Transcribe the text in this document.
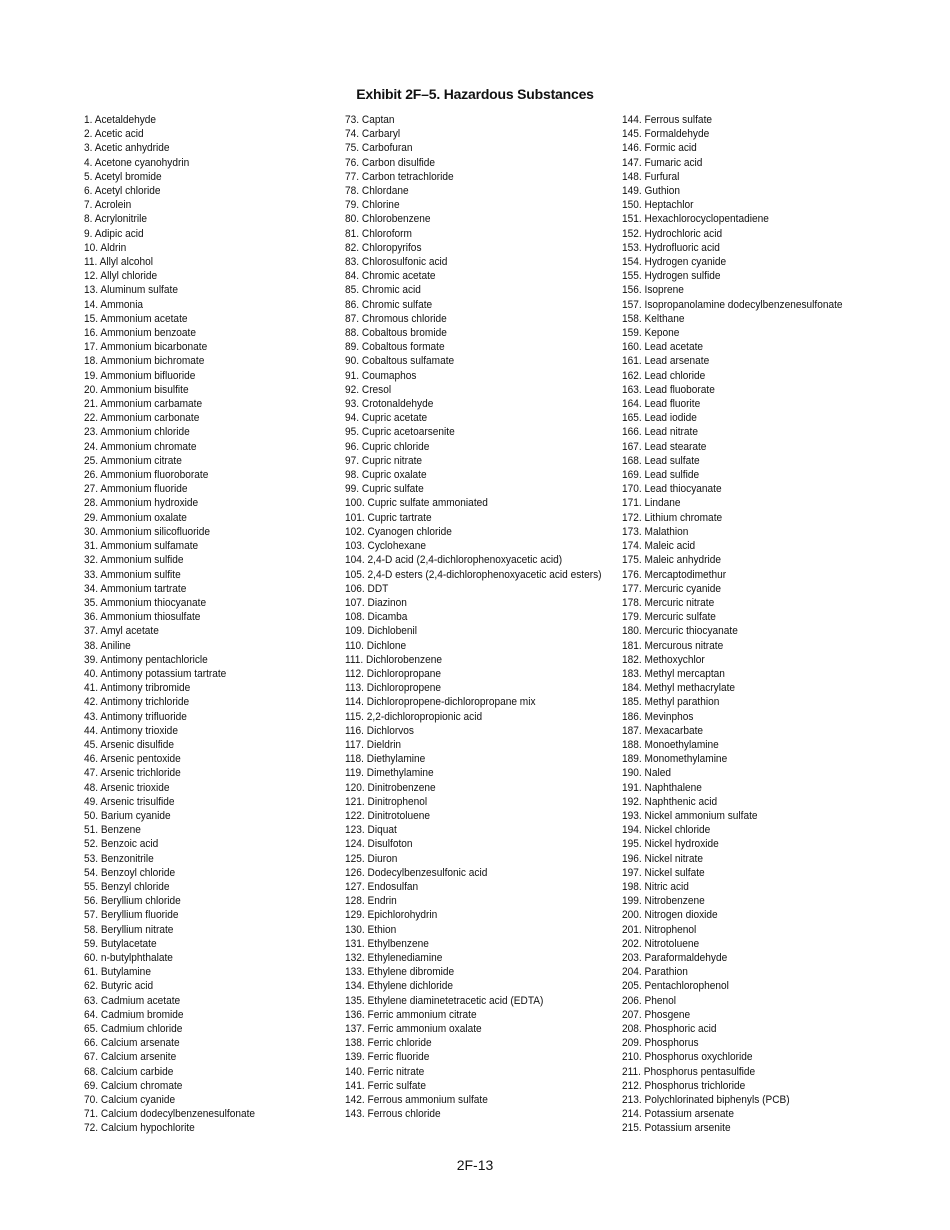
Exhibit 2F–5. Hazardous Substances
1. Acetaldehyde
2. Acetic acid
3. Acetic anhydride
4. Acetone cyanohydrin
5. Acetyl bromide
6. Acetyl chloride
7. Acrolein
8. Acrylonitrile
9. Adipic acid
10. Aldrin
11. Allyl alcohol
12. Allyl chloride
13. Aluminum sulfate
14. Ammonia
15. Ammonium acetate
16. Ammonium benzoate
17. Ammonium bicarbonate
18. Ammonium bichromate
19. Ammonium bifluoride
20. Ammonium bisulfite
21. Ammonium carbamate
22. Ammonium carbonate
23. Ammonium chloride
24. Ammonium chromate
25. Ammonium citrate
26. Ammonium fluoroborate
27. Ammonium fluoride
28. Ammonium hydroxide
29. Ammonium oxalate
30. Ammonium silicofluoride
31. Ammonium sulfamate
32. Ammonium sulfide
33. Ammonium sulfite
34. Ammonium tartrate
35. Ammonium thiocyanate
36. Ammonium thiosulfate
37. Amyl acetate
38. Aniline
39. Antimony pentachloricle
40. Antimony potassium tartrate
41. Antimony tribromide
42. Antimony trichloride
43. Antimony trifluoride
44. Antimony trioxide
45. Arsenic disulfide
46. Arsenic pentoxide
47. Arsenic trichloride
48. Arsenic trioxide
49. Arsenic trisulfide
50. Barium cyanide
51. Benzene
52. Benzoic acid
53. Benzonitrile
54. Benzoyl chloride
55. Benzyl chloride
56. Beryllium chloride
57. Beryllium fluoride
58. Beryllium nitrate
59. Butylacetate
60. n-butylphthalate
61. Butylamine
62. Butyric acid
63. Cadmium acetate
64. Cadmium bromide
65. Cadmium chloride
66. Calcium arsenate
67. Calcium arsenite
68. Calcium carbide
69. Calcium chromate
70. Calcium cyanide
71. Calcium dodecylbenzenesulfonate
72. Calcium hypochlorite
73. Captan
74. Carbaryl
75. Carbofuran
76. Carbon disulfide
77. Carbon tetrachloride
78. Chlordane
79. Chlorine
80. Chlorobenzene
81. Chloroform
82. Chloropyrifos
83. Chlorosulfonic acid
84. Chromic acetate
85. Chromic acid
86. Chromic sulfate
87. Chromous chloride
88. Cobaltous bromide
89. Cobaltous formate
90. Cobaltous sulfamate
91. Coumaphos
92. Cresol
93. Crotonaldehyde
94. Cupric acetate
95. Cupric acetoarsenite
96. Cupric chloride
97. Cupric nitrate
98. Cupric oxalate
99. Cupric sulfate
100. Cupric sulfate ammoniated
101. Cupric tartrate
102. Cyanogen chloride
103. Cyclohexane
104. 2,4-D acid (2,4-dichlorophenoxyacetic acid)
105. 2,4-D esters (2,4-dichlorophenoxyacetic acid esters)
106. DDT
107. Diazinon
108. Dicamba
109. Dichlobenil
110. Dichlone
111. Dichlorobenzene
112. Dichloropropane
113. Dichloropropene
114. Dichloropropene-dichloropropane mix
115. 2,2-dichloropropionic acid
116. Dichlorvos
117. Dieldrin
118. Diethylamine
119. Dimethylamine
120. Dinitrobenzene
121. Dinitrophenol
122. Dinitrotoluene
123. Diquat
124. Disulfoton
125. Diuron
126. Dodecylbenzesulfonic acid
127. Endosulfan
128. Endrin
129. Epichlorohydrin
130. Ethion
131. Ethylbenzene
132. Ethylenediamine
133. Ethylene dibromide
134. Ethylene dichloride
135. Ethylene diaminetetracetic acid (EDTA)
136. Ferric ammonium citrate
137. Ferric ammonium oxalate
138. Ferric chloride
139. Ferric fluoride
140. Ferric nitrate
141. Ferric sulfate
142. Ferrous ammonium sulfate
143. Ferrous chloride
144. Ferrous sulfate
145. Formaldehyde
146. Formic acid
147. Fumaric acid
148. Furfural
149. Guthion
150. Heptachlor
151. Hexachlorocyclopentadiene
152. Hydrochloric acid
153. Hydrofluoric acid
154. Hydrogen cyanide
155. Hydrogen sulfide
156. Isoprene
157. Isopropanolamine dodecylbenzenesulfonate
158. Kelthane
159. Kepone
160. Lead acetate
161. Lead arsenate
162. Lead chloride
163. Lead fluoborate
164. Lead fluorite
165. Lead iodide
166. Lead nitrate
167. Lead stearate
168. Lead sulfate
169. Lead sulfide
170. Lead thiocyanate
171. Lindane
172. Lithium chromate
173. Malathion
174. Maleic acid
175. Maleic anhydride
176. Mercaptodimethur
177. Mercuric cyanide
178. Mercuric nitrate
179. Mercuric sulfate
180. Mercuric thiocyanate
181. Mercurous nitrate
182. Methoxychlor
183. Methyl mercaptan
184. Methyl methacrylate
185. Methyl parathion
186. Mevinphos
187. Mexacarbate
188. Monoethylamine
189. Monomethylamine
190. Naled
191. Naphthalene
192. Naphthenic acid
193. Nickel ammonium sulfate
194. Nickel chloride
195. Nickel hydroxide
196. Nickel nitrate
197. Nickel sulfate
198. Nitric acid
199. Nitrobenzene
200. Nitrogen dioxide
201. Nitrophenol
202. Nitrotoluene
203. Paraformaldehyde
204. Parathion
205. Pentachlorophenol
206. Phenol
207. Phosgene
208. Phosphoric acid
209. Phosphorus
210. Phosphorus oxychloride
211. Phosphorus pentasulfide
212. Phosphorus trichloride
213. Polychlorinated biphenyls (PCB)
214. Potassium arsenate
215. Potassium arsenite
2F-13
